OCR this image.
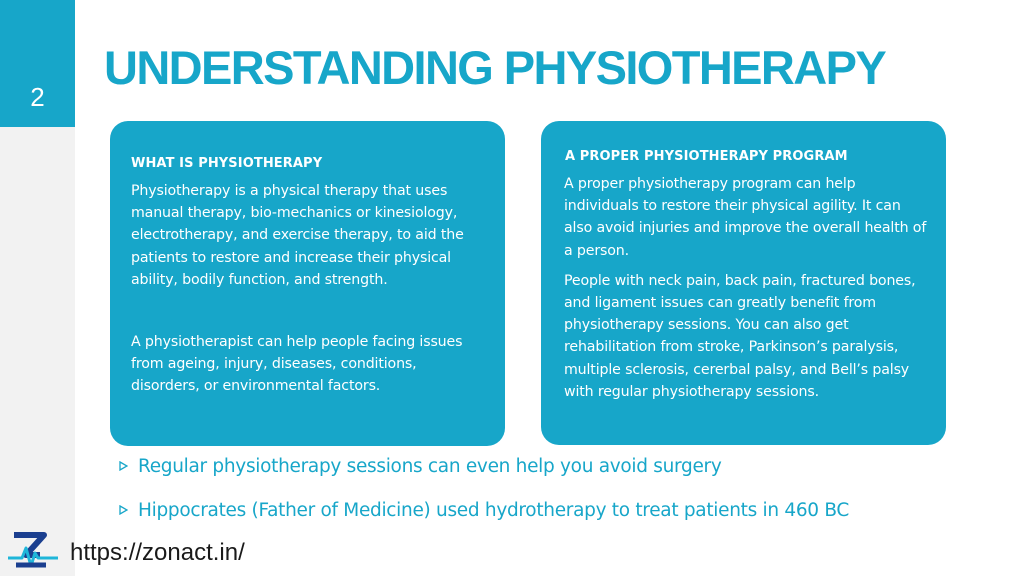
2
UNDERSTANDING PHYSIOTHERAPY
WHAT IS PHYSIOTHERAPY

Physiotherapy is a physical therapy that uses manual therapy, bio-mechanics or kinesiology, electrotherapy, and exercise therapy, to aid the patients to restore and increase their physical ability, bodily function, and strength.

A physiotherapist can help people facing issues from ageing, injury, diseases, conditions, disorders, or environmental factors.

A PROPER PHYSIOTHERAPY PROGRAM

A proper physiotherapy program can help individuals to restore their physical agility. It can also avoid injuries and improve the overall health of a person.

People with neck pain, back pain, fractured bones, and ligament issues can greatly benefit from physiotherapy sessions. You can also get rehabilitation from stroke, Parkinson’s paralysis, multiple sclerosis, cererbal palsy, and Bell’s palsy with regular physiotherapy sessions.

Regular physiotherapy sessions can even help you avoid surgery
Hippocrates (Father of Medicine) used hydrotherapy to treat patients in 460 BC
https://zonact.in/
